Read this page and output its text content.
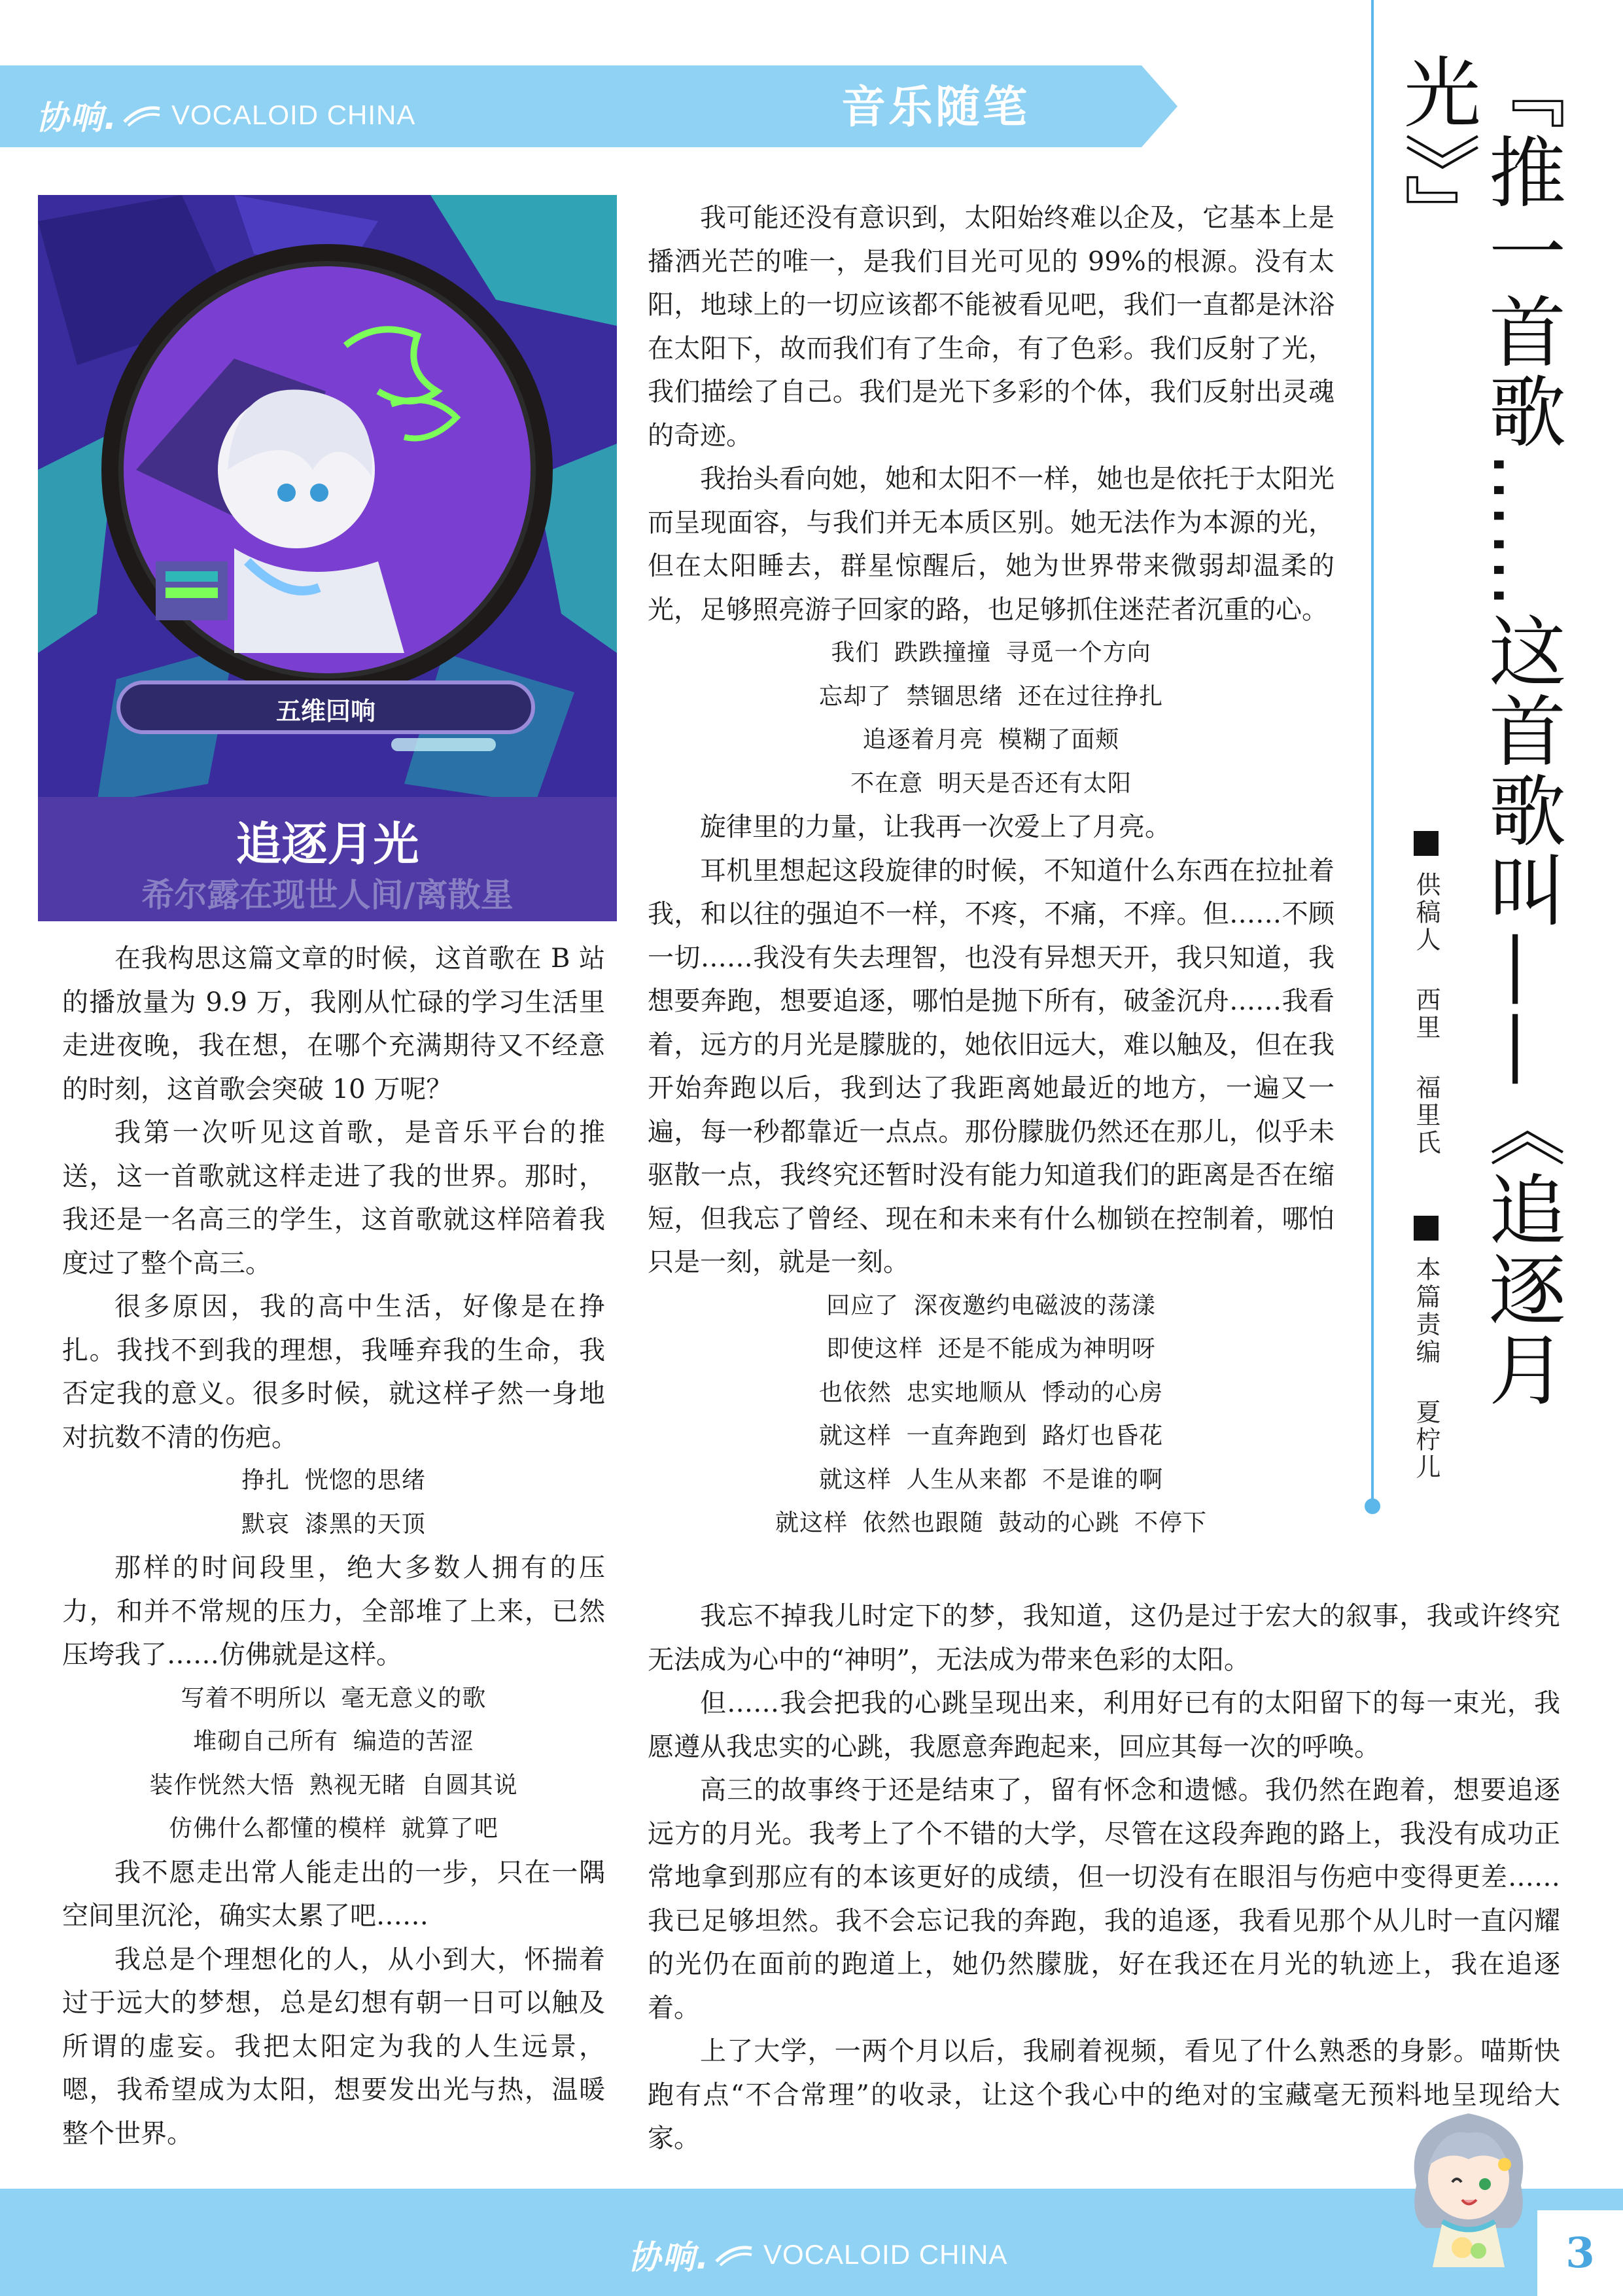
协响. VOCALOID CHINA	音乐随笔	『推一首歌……这首歌叫——《追逐月光》』
供稿人西里福里氏本篇责编夏柠儿
五维回响
追逐月光
希尔露在现世人间/离散星

在我构思这篇文章的时候，这首歌在 B 站的播放量为 9.9 万，我刚从忙碌的学习生活里走进夜晚，我在想，在哪个充满期待又不经意的时刻，这首歌会突破 10 万呢？

我第一次听见这首歌，是音乐平台的推送，这一首歌就这样走进了我的世界。那时，我还是一名高三的学生，这首歌就这样陪着我度过了整个高三。

很多原因，我的高中生活，好像是在挣扎。我找不到我的理想，我唾弃我的生命，我否定我的意义。很多时候，就这样孑然一身地对抗数不清的伤疤。

挣扎 恍惚的思绪

默哀 漆黑的天顶

那样的时间段里，绝大多数人拥有的压力，和并不常规的压力，全部堆了上来，已然压垮我了……仿佛就是这样。

写着不明所以 毫无意义的歌

堆砌自己所有 编造的苦涩

装作恍然大悟 熟视无睹 自圆其说

仿佛什么都懂的模样 就算了吧

我不愿走出常人能走出的一步，只在一隅空间里沉沦，确实太累了吧……

我总是个理想化的人，从小到大，怀揣着过于远大的梦想，总是幻想有朝一日可以触及所谓的虚妄。我把太阳定为我的人生远景，嗯，我希望成为太阳，想要发出光与热，温暖整个世界。

我可能还没有意识到，太阳始终难以企及，它基本上是播洒光芒的唯一，是我们目光可见的 99%的根源。没有太阳，地球上的一切应该都不能被看见吧，我们一直都是沐浴在太阳下，故而我们有了生命，有了色彩。我们反射了光，我们描绘了自己。我们是光下多彩的个体，我们反射出灵魂的奇迹。

我抬头看向她，她和太阳不一样，她也是依托于太阳光而呈现面容，与我们并无本质区别。她无法作为本源的光，但在太阳睡去，群星惊醒后，她为世界带来微弱却温柔的光，足够照亮游子回家的路，也足够抓住迷茫者沉重的心。

我们 跌跌撞撞 寻觅一个方向

忘却了 禁锢思绪 还在过往挣扎

追逐着月亮 模糊了面颊

不在意 明天是否还有太阳

旋律里的力量，让我再一次爱上了月亮。

耳机里想起这段旋律的时候，不知道什么东西在拉扯着我，和以往的强迫不一样，不疼，不痛，不痒。但……不顾一切……我没有失去理智，也没有异想天开，我只知道，我想要奔跑，想要追逐，哪怕是抛下所有，破釜沉舟……我看着，远方的月光是朦胧的，她依旧远大，难以触及，但在我开始奔跑以后，我到达了我距离她最近的地方，一遍又一遍，每一秒都靠近一点点。那份朦胧仍然还在那儿，似乎未驱散一点，我终究还暂时没有能力知道我们的距离是否在缩短，但我忘了曾经、现在和未来有什么枷锁在控制着，哪怕只是一刻，就是一刻。

回应了 深夜邀约电磁波的荡漾

即使这样 还是不能成为神明呀

也依然 忠实地顺从 悸动的心房

就这样 一直奔跑到 路灯也昏花

就这样 人生从来都 不是谁的啊

就这样 依然也跟随 鼓动的心跳 不停下

我忘不掉我儿时定下的梦，我知道，这仍是过于宏大的叙事，我或许终究无法成为心中的“神明”，无法成为带来色彩的太阳。

但……我会把我的心跳呈现出来，利用好已有的太阳留下的每一束光，我愿遵从我忠实的心跳，我愿意奔跑起来，回应其每一次的呼唤。

高三的故事终于还是结束了，留有怀念和遗憾。我仍然在跑着，想要追逐远方的月光。我考上了个不错的大学，尽管在这段奔跑的路上，我没有成功正常地拿到那应有的本该更好的成绩，但一切没有在眼泪与伤疤中变得更差……我已足够坦然。我不会忘记我的奔跑，我的追逐，我看见那个从儿时一直闪耀的光仍在面前的跑道上，她仍然朦胧，好在我还在月光的轨迹上，我在追逐着。

上了大学，一两个月以后，我刷着视频，看见了什么熟悉的身影。喵斯快跑有点“不合常理”的收录，让这个我心中的绝对的宝藏毫无预料地呈现给大家。

协响. VOCALOID CHINA	3
